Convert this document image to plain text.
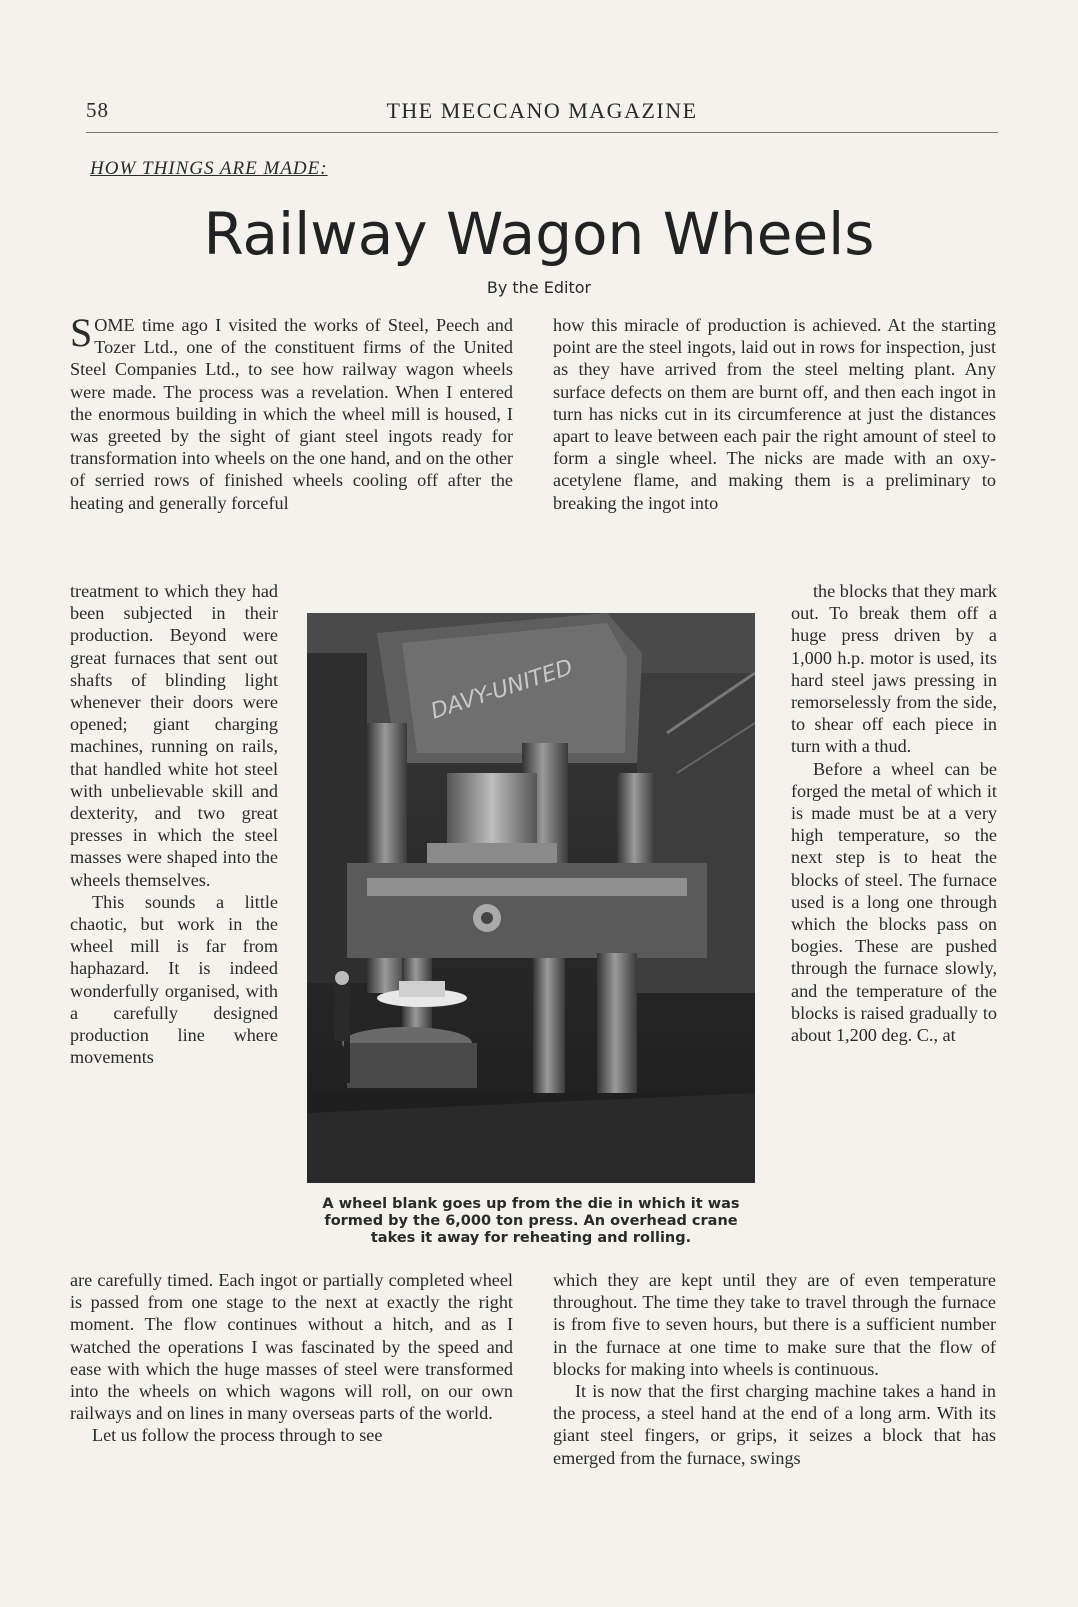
58	THE MECCANO MAGAZINE
HOW THINGS ARE MADE:
Railway Wagon Wheels
By the Editor

SOME time ago I visited the works of Steel, Peech and Tozer Ltd., one of the constituent firms of the United Steel Companies Ltd., to see how railway wagon wheels were made. The process was a revelation. When I entered the enormous building in which the wheel mill is housed, I was greeted by the sight of giant steel ingots ready for transformation into wheels on the one hand, and on the other of serried rows of finished wheels cooling off after the heating and generally forceful

treatment to which they had been subjected in their production. Beyond were great furnaces that sent out shafts of blinding light whenever their doors were opened; giant charging machines, running on rails, that handled white hot steel with unbelievable skill and dexterity, and two great presses in which the steel masses were shaped into the wheels themselves.

This sounds a little chaotic, but work in the wheel mill is far from haphazard. It is indeed wonderfully organised, with a carefully designed production line where movements

are carefully timed. Each ingot or partially completed wheel is passed from one stage to the next at exactly the right moment. The flow continues without a hitch, and as I watched the operations I was fascinated by the speed and ease with which the huge masses of steel were transformed into the wheels on which wagons will roll, on our own railways and on lines in many overseas parts of the world.

Let us follow the process through to see

how this miracle of production is achieved. At the starting point are the steel ingots, laid out in rows for inspection, just as they have arrived from the steel melting plant. Any surface defects on them are burnt off, and then each ingot in turn has nicks cut in its circumference at just the distances apart to leave between each pair the right amount of steel to form a single wheel. The nicks are made with an oxy-acetylene flame, and making them is a preliminary to breaking the ingot into

the blocks that they mark out. To break them off a huge press driven by a 1,000 h.p. motor is used, its hard steel jaws pressing in remorselessly from the side, to shear off each piece in turn with a thud.

Before a wheel can be forged the metal of which it is made must be at a very high temperature, so the next step is to heat the blocks of steel. The furnace used is a long one through which the blocks pass on bogies. These are pushed through the furnace slowly, and the temperature of the blocks is raised gradually to about 1,200 deg. C., at

which they are kept until they are of even temperature throughout. The time they take to travel through the furnace is from five to seven hours, but there is a sufficient number in the furnace at one time to make sure that the flow of blocks for making into wheels is continuous.

It is now that the first charging machine takes a hand in the process, a steel hand at the end of a long arm. With its giant steel fingers, or grips, it seizes a block that has emerged from the furnace, swings

DAVY-UNITED
A wheel blank goes up from the die in which it was formed by the 6,000 ton press. An overhead crane takes it away for reheating and rolling.
